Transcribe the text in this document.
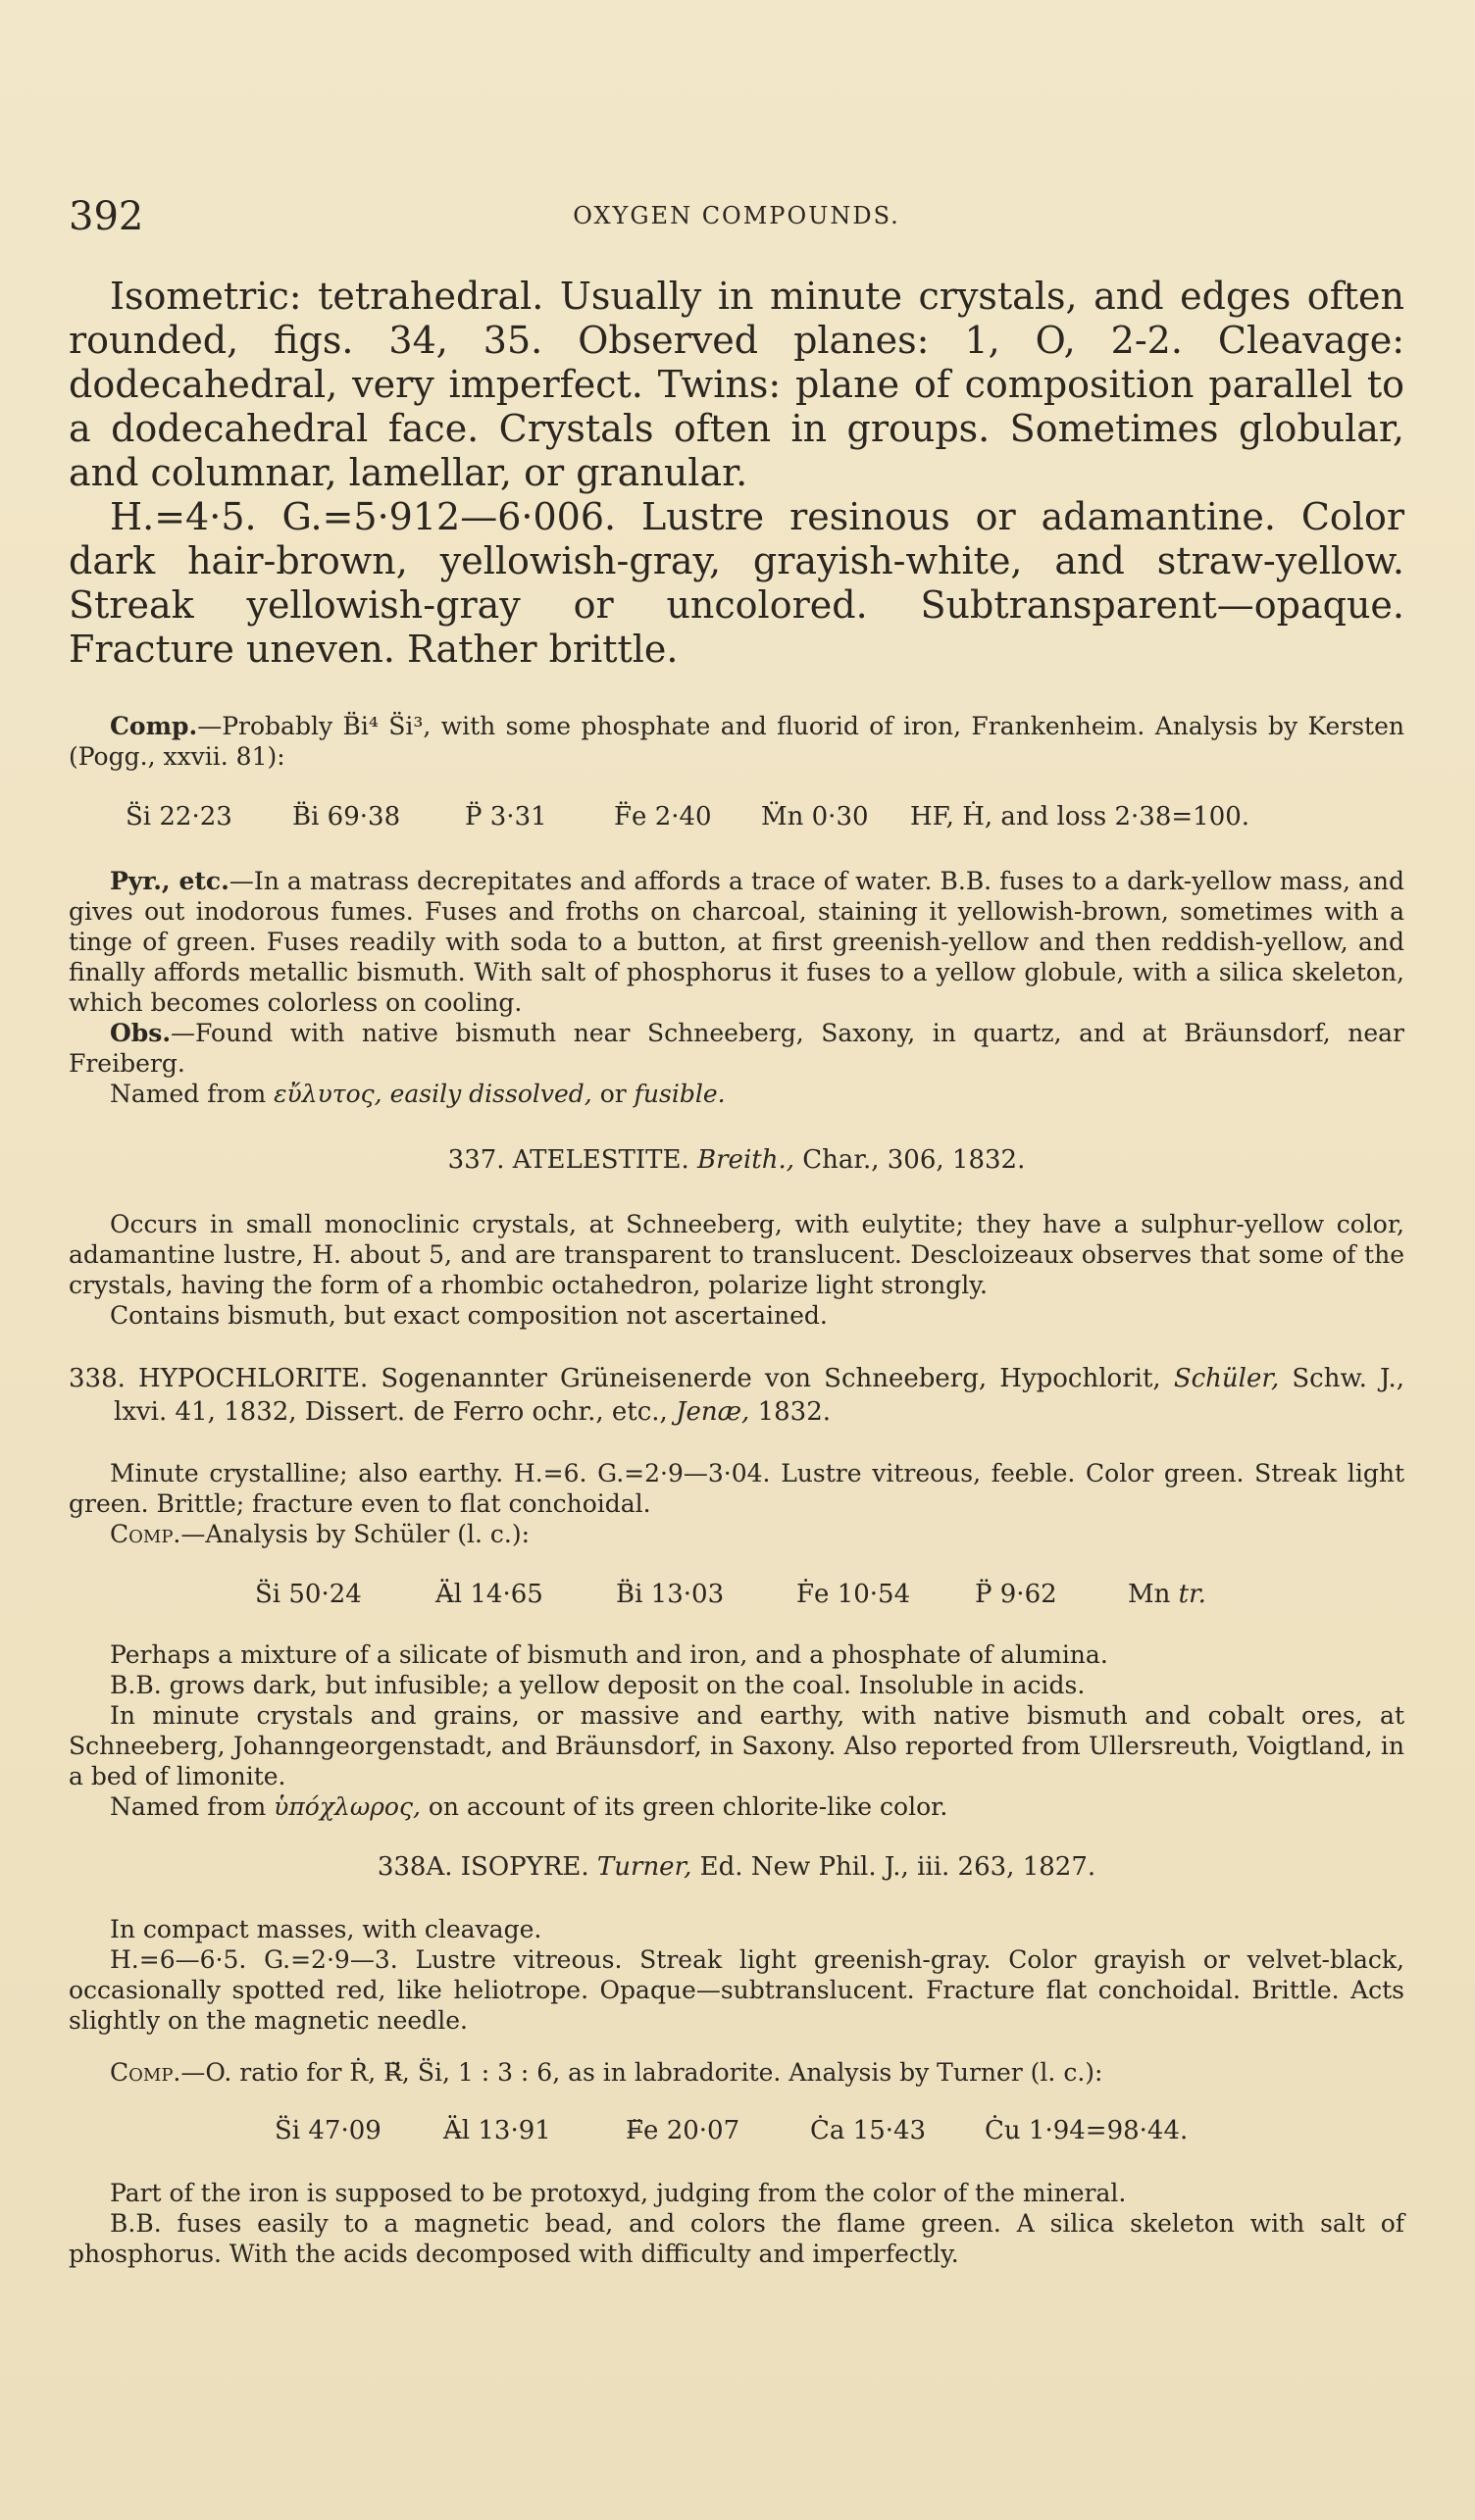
392	OXYGEN COMPOUNDS.

Isometric: tetrahedral. Usually in minute crystals, and edges often rounded, figs. 34, 35. Observed planes: 1, O, 2-2. Cleavage: dodecahedral, very imperfect. Twins: plane of composition parallel to a dodecahedral face. Crystals often in groups. Sometimes globular, and columnar, lamellar, or granular.

H.=4·5. G.=5·912—6·006. Lustre resinous or adamantine. Color dark hair-brown, yellowish-gray, grayish-white, and straw-yellow. Streak yellowish-gray or uncolored. Subtransparent—opaque. Fracture uneven. Rather brittle.

Comp.—Probably B̈i⁴ S̈i³, with some phosphate and fluorid of iron, Frankenheim. Analysis by Kersten (Pogg., xxvii. 81):

S̈i 22·23	B̈i 69·38	P̈ 3·31	F̈e 2·40	M̈n 0·30	HF, Ḣ, and loss 2·38=100.

Pyr., etc.—In a matrass decrepitates and affords a trace of water. B.B. fuses to a dark-yellow mass, and gives out inodorous fumes. Fuses and froths on charcoal, staining it yellowish-brown, sometimes with a tinge of green. Fuses readily with soda to a button, at first greenish-yellow and then reddish-yellow, and finally affords metallic bismuth. With salt of phosphorus it fuses to a yellow globule, with a silica skeleton, which becomes colorless on cooling.

Obs.—Found with native bismuth near Schneeberg, Saxony, in quartz, and at Bräunsdorf, near Freiberg.

Named from εὔλυτος, easily dissolved, or fusible.

337. ATELESTITE. Breith., Char., 306, 1832.

Occurs in small monoclinic crystals, at Schneeberg, with eulytite; they have a sulphur-yellow color, adamantine lustre, H. about 5, and are transparent to translucent. Descloizeaux observes that some of the crystals, having the form of a rhombic octahedron, polarize light strongly.

Contains bismuth, but exact composition not ascertained.

338. HYPOCHLORITE. Sogenannter Grüneisenerde von Schneeberg, Hypochlorit, Schüler, Schw. J., lxvi. 41, 1832, Dissert. de Ferro ochr., etc., Jenæ, 1832.

Minute crystalline; also earthy. H.=6. G.=2·9—3·04. Lustre vitreous, feeble. Color green. Streak light green. Brittle; fracture even to flat conchoidal.

Comp.—Analysis by Schüler (l. c.):

S̈i 50·24	Ä̶l 14·65	B̈i 13·03	Ḟe 10·54	P̈ 9·62	Mn tr.

Perhaps a mixture of a silicate of bismuth and iron, and a phosphate of alumina.

B.B. grows dark, but infusible; a yellow deposit on the coal. Insoluble in acids.

In minute crystals and grains, or massive and earthy, with native bismuth and cobalt ores, at Schneeberg, Johanngeorgenstadt, and Bräunsdorf, in Saxony. Also reported from Ullersreuth, Voigtland, in a bed of limonite.

Named from ὑπόχλωρος, on account of its green chlorite-like color.

338A. ISOPYRE. Turner, Ed. New Phil. J., iii. 263, 1827.

In compact masses, with cleavage.

H.=6—6·5. G.=2·9—3. Lustre vitreous. Streak light greenish-gray. Color grayish or velvet-black, occasionally spotted red, like heliotrope. Opaque—subtranslucent. Fracture flat conchoidal. Brittle. Acts slightly on the magnetic needle.

Comp.—O. ratio for Ṙ, R̶̈, S̈i, 1 : 3 : 6, as in labradorite. Analysis by Turner (l. c.):

S̈i 47·09	Ä̶l 13·91	F̶̈e 20·07	Ċa 15·43	Ċu 1·94=98·44.

Part of the iron is supposed to be protoxyd, judging from the color of the mineral.

B.B. fuses easily to a magnetic bead, and colors the flame green. A silica skeleton with salt of phosphorus. With the acids decomposed with difficulty and imperfectly.
